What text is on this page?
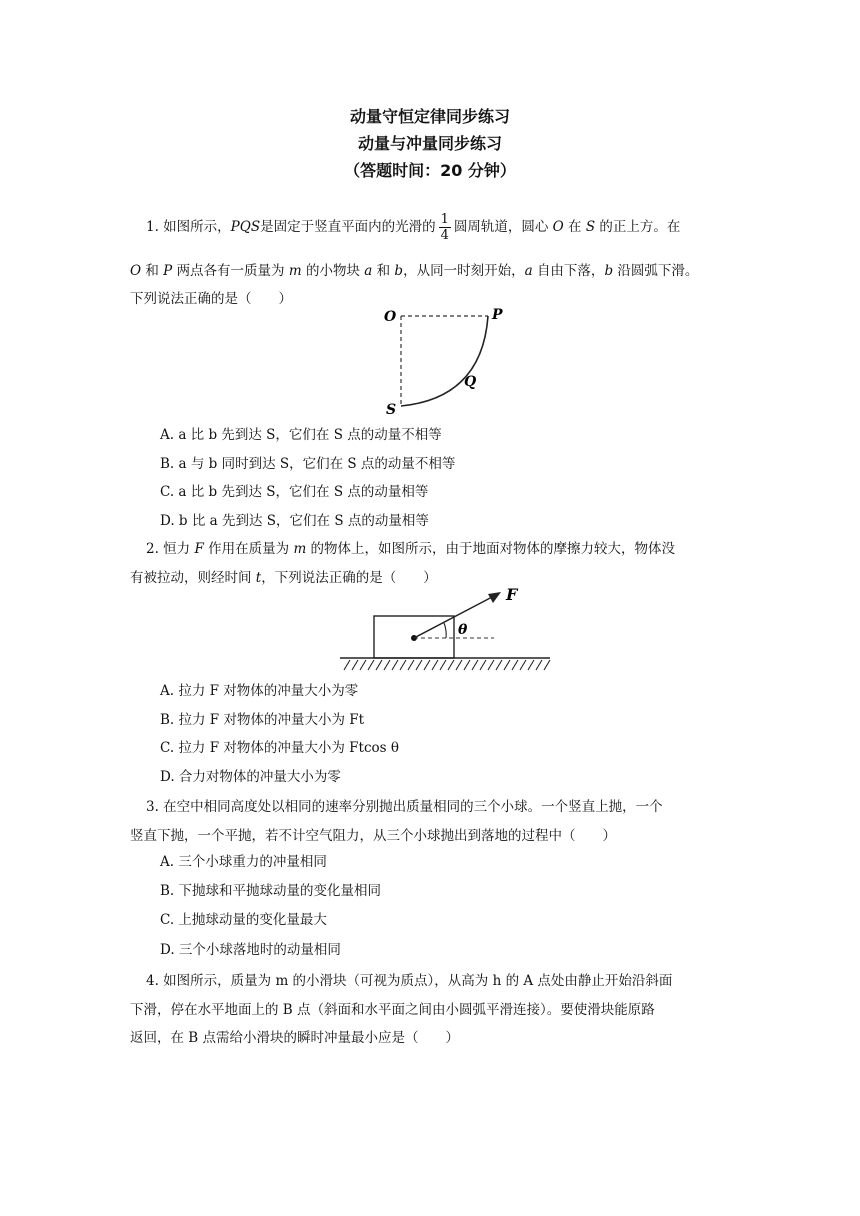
动量守恒定律同步练习
动量与冲量同步练习
（答题时间：20 分钟）
1. 如图所示，PQS是固定于竖直平面内的光滑的 $\frac{1}{4}$ 圆周轨道，圆心 O 在 S 的正上方。在
O 和 P 两点各有一质量为 m 的小物块 a 和 b，从同一时刻开始，a 自由下落，b 沿圆弧下滑。
下列说法正确的是（　　）
O	P
Q
S
A. a 比 b 先到达 S，它们在 S 点的动量不相等
B. a 与 b 同时到达 S，它们在 S 点的动量不相等
C. a 比 b 先到达 S，它们在 S 点的动量相等
D. b 比 a 先到达 S，它们在 S 点的动量相等
2. 恒力 F 作用在质量为 m 的物体上，如图所示，由于地面对物体的摩擦力较大，物体没
有被拉动，则经时间 t，下列说法正确的是（　　）
F
θ
A. 拉力 F 对物体的冲量大小为零
B. 拉力 F 对物体的冲量大小为 Ft
C. 拉力 F 对物体的冲量大小为 Ftcos θ
D. 合力对物体的冲量大小为零
3. 在空中相同高度处以相同的速率分别抛出质量相同的三个小球。一个竖直上抛，一个
竖直下抛，一个平抛，若不计空气阻力，从三个小球抛出到落地的过程中（　　）
A. 三个小球重力的冲量相同
B. 下抛球和平抛球动量的变化量相同
C. 上抛球动量的变化量最大
D. 三个小球落地时的动量相同
4. 如图所示，质量为 m 的小滑块（可视为质点），从高为 h 的 A 点处由静止开始沿斜面
下滑，停在水平地面上的 B 点（斜面和水平面之间由小圆弧平滑连接）。要使滑块能原路
返回，在 B 点需给小滑块的瞬时冲量最小应是（　　）
